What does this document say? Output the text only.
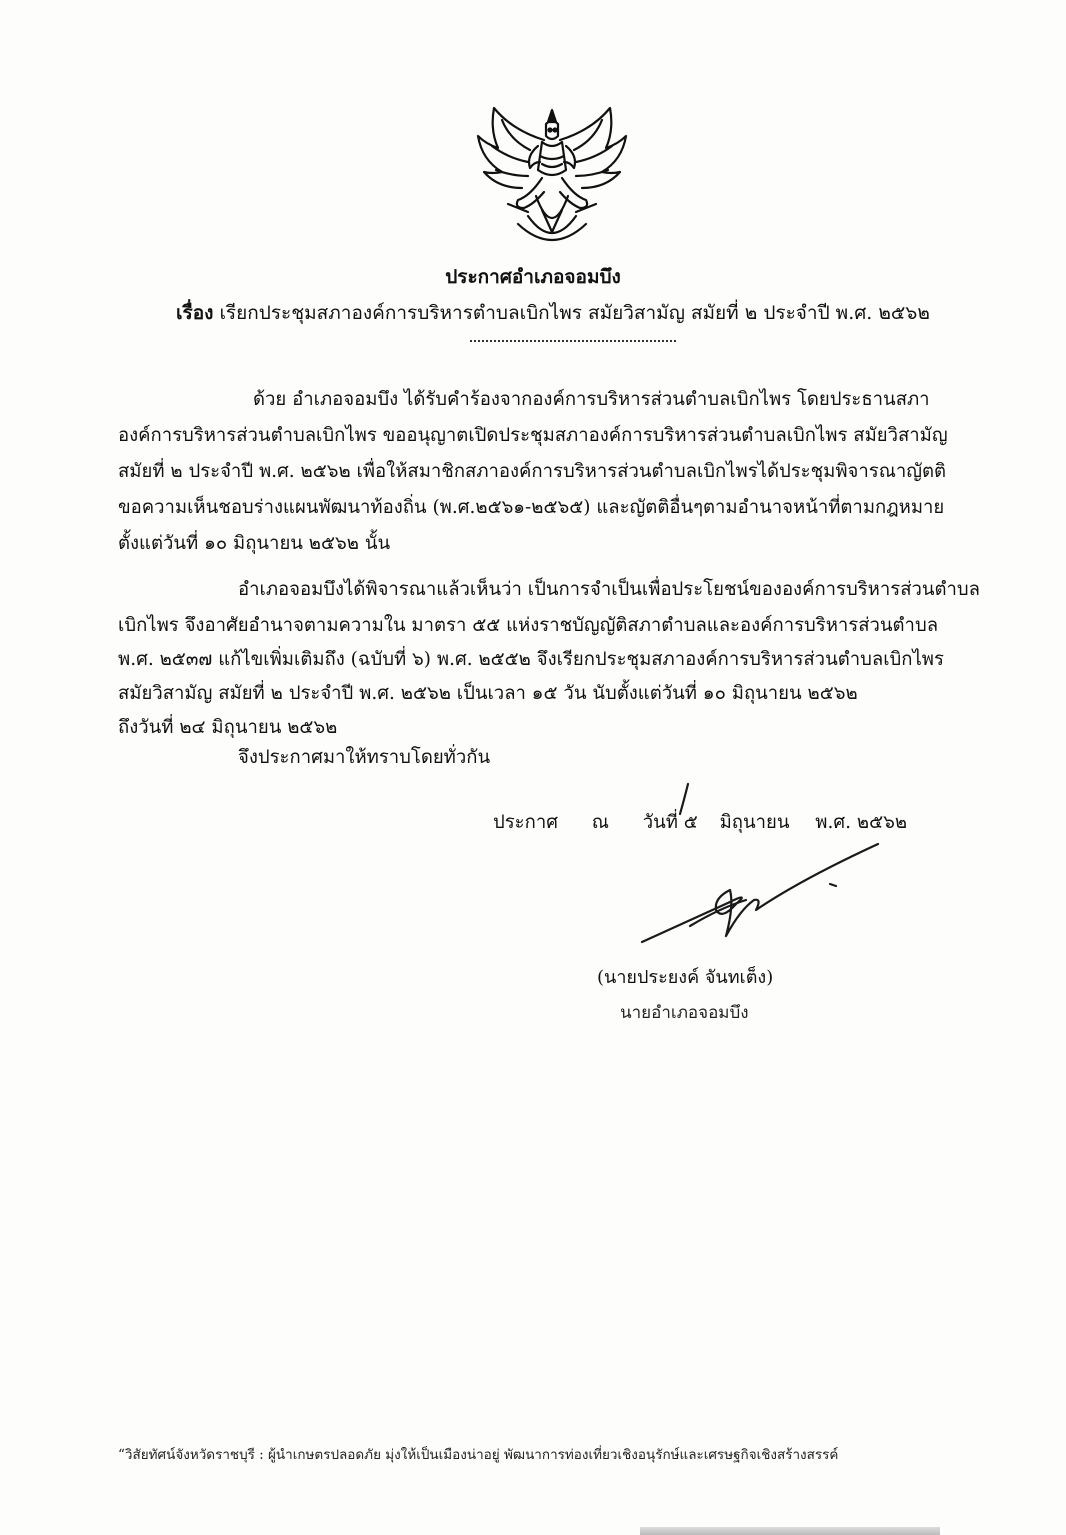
ประกาศอำเภอจอมบึง
เรื่อง เรียกประชุมสภาองค์การบริหารตำบลเบิกไพร สมัยวิสามัญ สมัยที่ ๒ ประจำปี พ.ศ. ๒๕๖๒
ด้วย อำเภอจอมบึง ได้รับคำร้องจากองค์การบริหารส่วนตำบลเบิกไพร โดยประธานสภา
องค์การบริหารส่วนตำบลเบิกไพร ขออนุญาตเปิดประชุมสภาองค์การบริหารส่วนตำบลเบิกไพร สมัยวิสามัญ
สมัยที่ ๒ ประจำปี พ.ศ. ๒๕๖๒ เพื่อให้สมาชิกสภาองค์การบริหารส่วนตำบลเบิกไพรได้ประชุมพิจารณาญัตติ
ขอความเห็นชอบร่างแผนพัฒนาท้องถิ่น (พ.ศ.๒๕๖๑-๒๕๖๕) และญัตติอื่นๆตามอำนาจหน้าที่ตามกฎหมาย
ตั้งแต่วันที่ ๑๐ มิถุนายน ๒๕๖๒ นั้น
อำเภอจอมบึงได้พิจารณาแล้วเห็นว่า เป็นการจำเป็นเพื่อประโยชน์ขององค์การบริหารส่วนตำบล
เบิกไพร จึงอาศัยอำนาจตามความใน มาตรา ๕๕ แห่งราชบัญญัติสภาตำบลและองค์การบริหารส่วนตำบล
พ.ศ. ๒๕๓๗ แก้ไขเพิ่มเติมถึง (ฉบับที่ ๖) พ.ศ. ๒๕๕๒ จึงเรียกประชุมสภาองค์การบริหารส่วนตำบลเบิกไพร
สมัยวิสามัญ สมัยที่ ๒ ประจำปี พ.ศ. ๒๕๖๒ เป็นเวลา ๑๕ วัน นับตั้งแต่วันที่ ๑๐ มิถุนายน ๒๕๖๒
ถึงวันที่ ๒๔ มิถุนายน ๒๕๖๒
จึงประกาศมาให้ทราบโดยทั่วกัน
ประกาศ ณ วันที่ ๕ มิถุนายน พ.ศ. ๒๕๖๒
(นายประยงค์ จันทเต็ง)
นายอำเภอจอมบึง
“วิสัยทัศน์จังหวัดราชบุรี : ผู้นำเกษตรปลอดภัย มุ่งให้เป็นเมืองน่าอยู่ พัฒนาการท่องเที่ยวเชิงอนุรักษ์และเศรษฐกิจเชิงสร้างสรรค์
